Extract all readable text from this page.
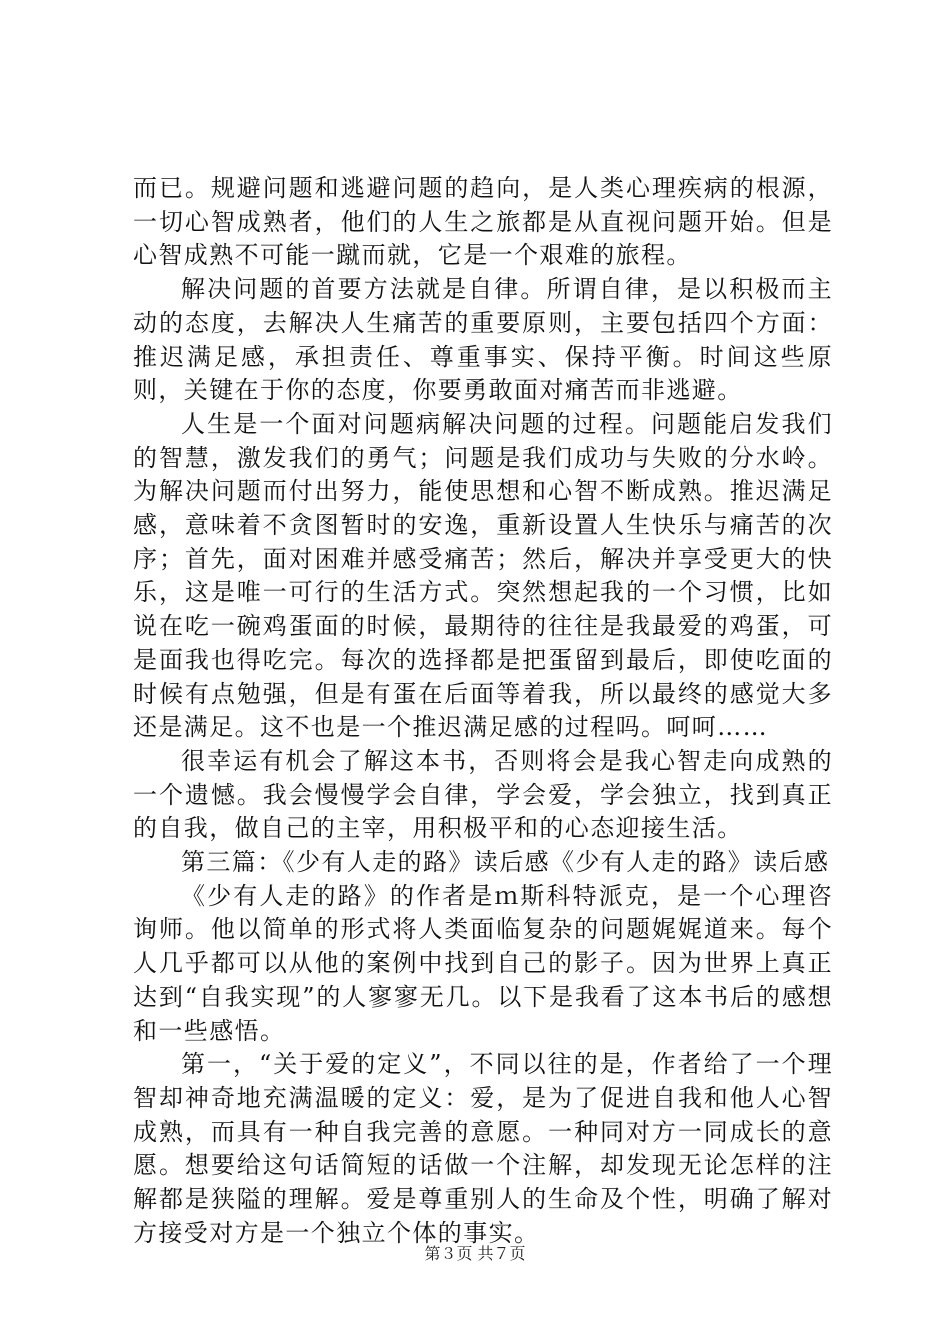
而已。规避问题和逃避问题的趋向，是人类心理疾病的根源，一切心智成熟者，他们的人生之旅都是从直视问题开始。但是心智成熟不可能一蹴而就，它是一个艰难的旅程。

解决问题的首要方法就是自律。所谓自律，是以积极而主动的态度，去解决人生痛苦的重要原则，主要包括四个方面：推迟满足感，承担责任、尊重事实、保持平衡。时间这些原则，关键在于你的态度，你要勇敢面对痛苦而非逃避。

人生是一个面对问题病解决问题的过程。问题能启发我们的智慧，激发我们的勇气；问题是我们成功与失败的分水岭。为解决问题而付出努力，能使思想和心智不断成熟。推迟满足感，意味着不贪图暂时的安逸，重新设置人生快乐与痛苦的次序；首先，面对困难并感受痛苦；然后，解决并享受更大的快乐，这是唯一可行的生活方式。突然想起我的一个习惯，比如说在吃一碗鸡蛋面的时候，最期待的往往是我最爱的鸡蛋，可是面我也得吃完。每次的选择都是把蛋留到最后，即使吃面的时候有点勉强，但是有蛋在后面等着我，所以最终的感觉大多还是满足。这不也是一个推迟满足感的过程吗。呵呵……

很幸运有机会了解这本书，否则将会是我心智走向成熟的一个遗憾。我会慢慢学会自律，学会爱，学会独立，找到真正的自我，做自己的主宰，用积极平和的心态迎接生活。

第三篇：《少有人走的路》读后感《少有人走的路》读后感

《少有人走的路》的作者是ｍ斯科特派克，是一个心理咨询师。他以简单的形式将人类面临复杂的问题娓娓道来。每个人几乎都可以从他的案例中找到自己的影子。因为世界上真正达到“自我实现”的人寥寥无几。以下是我看了这本书后的感想和一些感悟。

第一，“关于爱的定义”，不同以往的是，作者给了一个理智却神奇地充满温暖的定义：爱，是为了促进自我和他人心智成熟，而具有一种自我完善的意愿。一种同对方一同成长的意愿。想要给这句话简短的话做一个注解，却发现无论怎样的注解都是狭隘的理解。爱是尊重别人的生命及个性，明确了解对方接受对方是一个独立个体的事实。

第３页 共７页
